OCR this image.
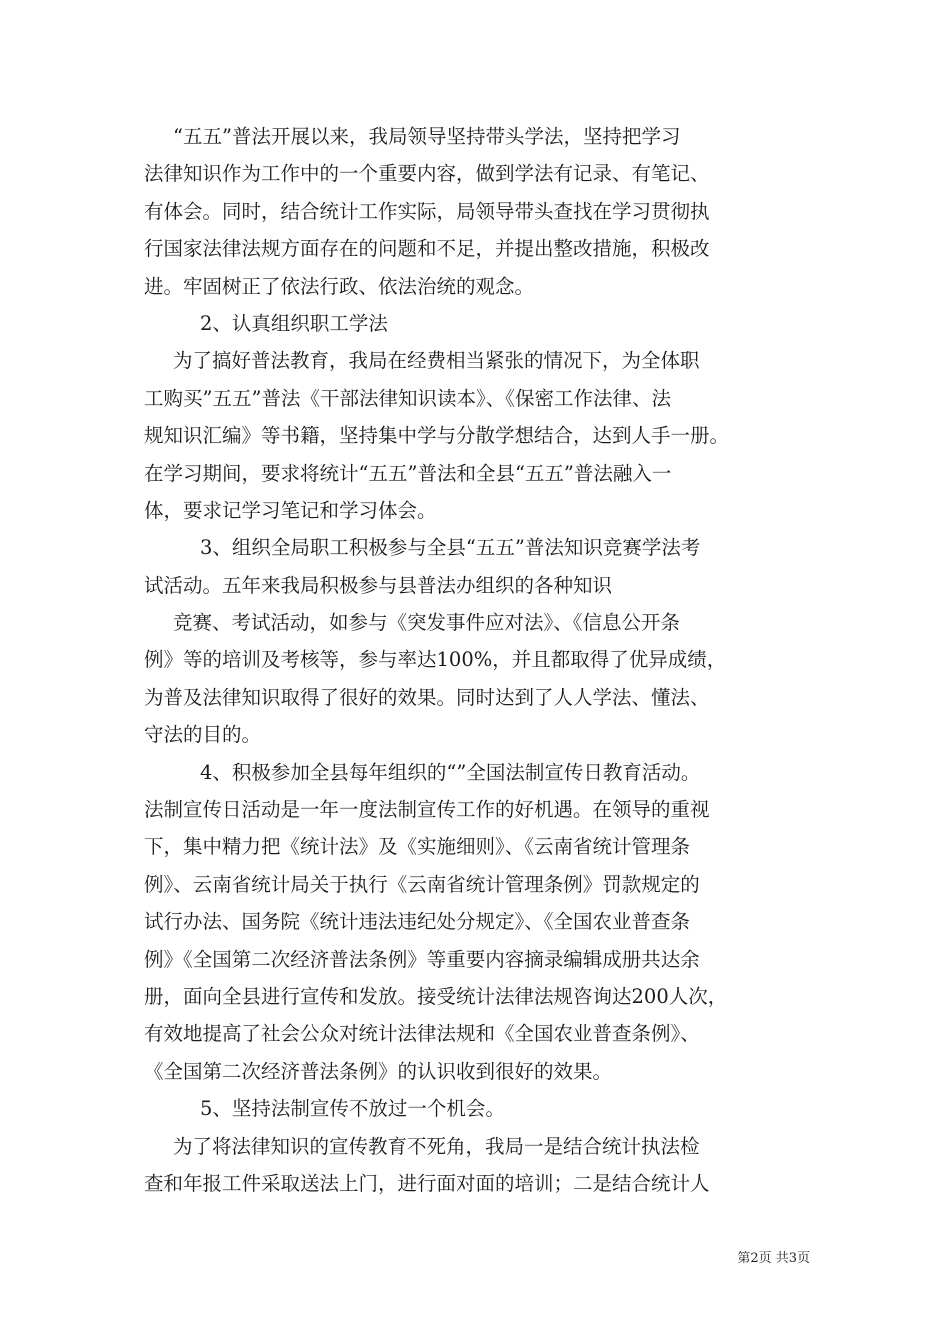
“五五”普法开展以来，我局领导坚持带头学法，坚持把学习
法律知识作为工作中的一个重要内容，做到学法有记录、有笔记、
有体会。同时，结合统计工作实际，局领导带头查找在学习贯彻执
行国家法律法规方面存在的问题和不足，并提出整改措施，积极改
进。牢固树正了依法行政、依法治统的观念。
2、认真组织职工学法
为了搞好普法教育，我局在经费相当紧张的情况下，为全体职
工购买”五五”普法《干部法律知识读本》、《保密工作法律、法
规知识汇编》等书籍，坚持集中学与分散学想结合，达到人手一册。
在学习期间，要求将统计“五五”普法和全县“五五”普法融入一
体，要求记学习笔记和学习体会。
3、组织全局职工积极参与全县“五五”普法知识竞赛学法考
试活动。五年来我局积极参与县普法办组织的各种知识
竞赛、考试活动，如参与《突发事件应对法》、《信息公开条
例》等的培训及考核等，参与率达100%，并且都取得了优异成绩，
为普及法律知识取得了很好的效果。同时达到了人人学法、懂法、
守法的目的。
4、积极参加全县每年组织的“”全国法制宣传日教育活动。
法制宣传日活动是一年一度法制宣传工作的好机遇。在领导的重视
下，集中精力把《统计法》及《实施细则》、《云南省统计管理条
例》、云南省统计局关于执行《云南省统计管理条例》罚款规定的
试行办法、国务院《统计违法违纪处分规定》、《全国农业普查条
例》《全国第二次经济普法条例》等重要内容摘录编辑成册共达余
册，面向全县进行宣传和发放。接受统计法律法规咨询达200人次，
有效地提高了社会公众对统计法律法规和《全国农业普查条例》、
《全国第二次经济普法条例》的认识收到很好的效果。
5、坚持法制宣传不放过一个机会。
为了将法律知识的宣传教育不死角，我局一是结合统计执法检
查和年报工件采取送法上门，进行面对面的培训；二是结合统计人
第2页 共3页
